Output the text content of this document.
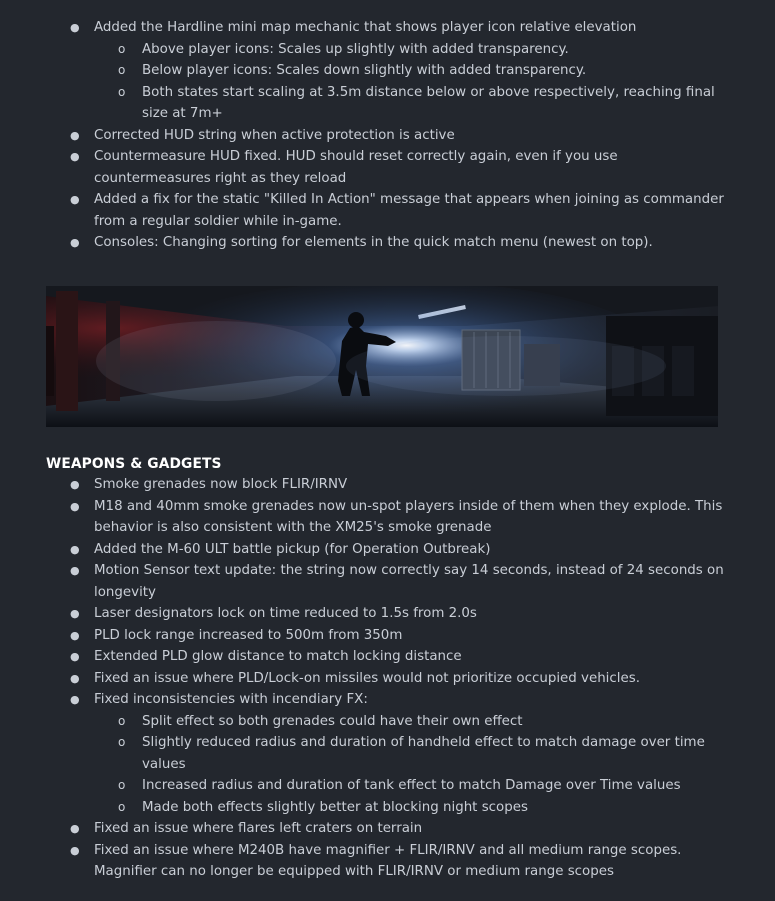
● Added the Hardline mini map mechanic that shows player icon relative elevation
o Above player icons: Scales up slightly with added transparency.
o Below player icons: Scales down slightly with added transparency.
o Both states start scaling at 3.5m distance below or above respectively, reaching final size at 7m+
● Corrected HUD string when active protection is active
● Countermeasure HUD fixed. HUD should reset correctly again, even if you use countermeasures right as they reload
● Added a fix for the static "Killed In Action" message that appears when joining as commander from a regular soldier while in-game.
● Consoles: Changing sorting for elements in the quick match menu (newest on top).
WEAPONS & GADGETS
● Smoke grenades now block FLIR/IRNV
● M18 and 40mm smoke grenades now un-spot players inside of them when they explode. This behavior is also consistent with the XM25's smoke grenade
● Added the M-60 ULT battle pickup (for Operation Outbreak)
● Motion Sensor text update: the string now correctly say 14 seconds, instead of 24 seconds on longevity
● Laser designators lock on time reduced to 1.5s from 2.0s
● PLD lock range increased to 500m from 350m
● Extended PLD glow distance to match locking distance
● Fixed an issue where PLD/Lock-on missiles would not prioritize occupied vehicles.
● Fixed inconsistencies with incendiary FX:
o Split effect so both grenades could have their own effect
o Slightly reduced radius and duration of handheld effect to match damage over time values
o Increased radius and duration of tank effect to match Damage over Time values
o Made both effects slightly better at blocking night scopes
● Fixed an issue where flares left craters on terrain
● Fixed an issue where M240B have magnifier + FLIR/IRNV and all medium range scopes. Magnifier can no longer be equipped with FLIR/IRNV or medium range scopes
